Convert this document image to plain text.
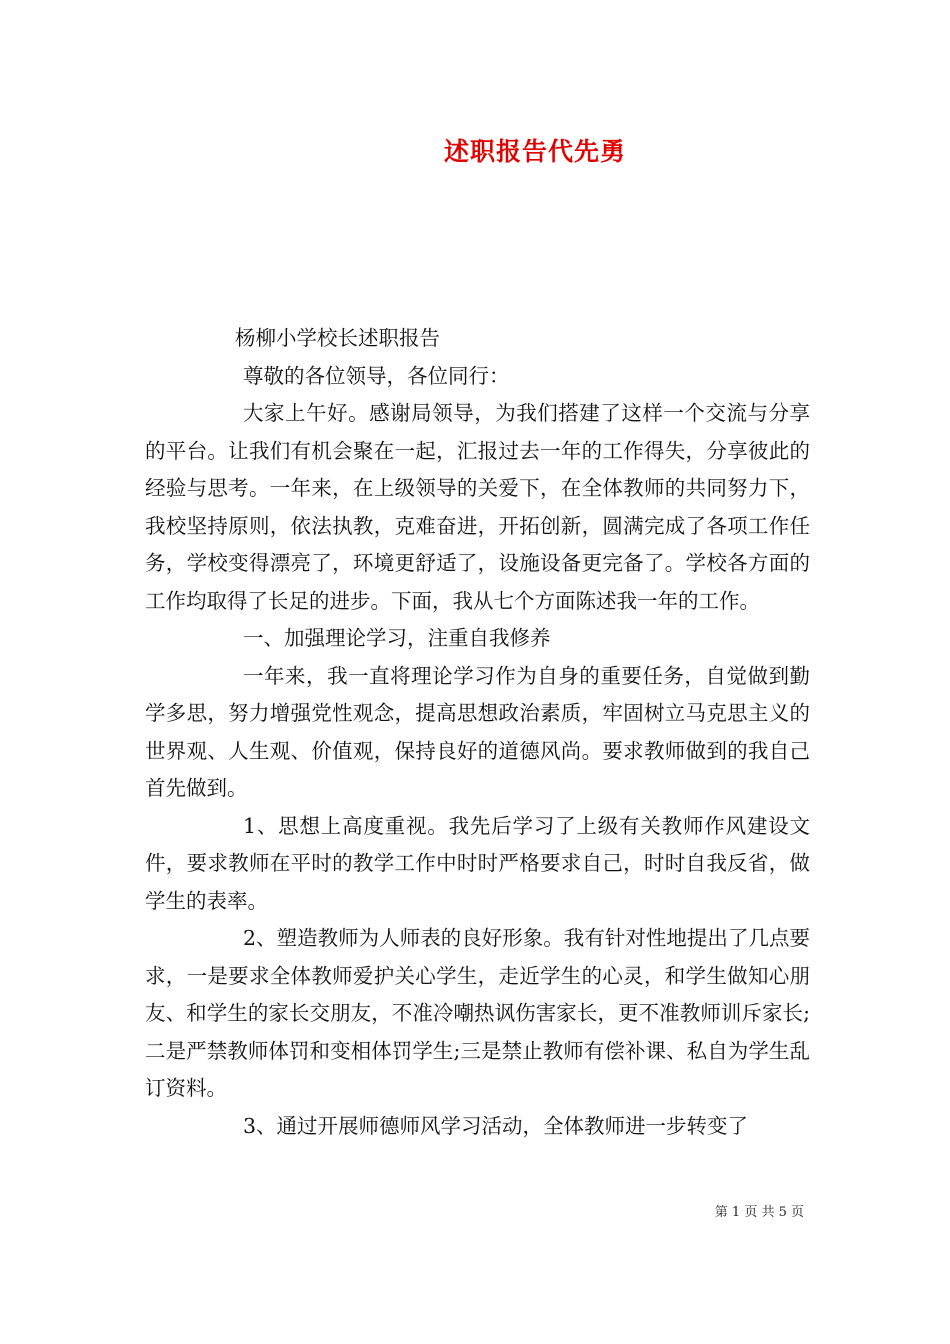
述职报告代先勇

杨柳小学校长述职报告

尊敬的各位领导，各位同行：

大家上午好。感谢局领导，为我们搭建了这样一个交流与分享的平台。让我们有机会聚在一起，汇报过去一年的工作得失，分享彼此的经验与思考。一年来，在上级领导的关爱下，在全体教师的共同努力下，我校坚持原则，依法执教，克难奋进，开拓创新，圆满完成了各项工作任务，学校变得漂亮了，环境更舒适了，设施设备更完备了。学校各方面的工作均取得了长足的进步。下面，我从七个方面陈述我一年的工作。

一、加强理论学习，注重自我修养

一年来，我一直将理论学习作为自身的重要任务，自觉做到勤学多思，努力增强党性观念，提高思想政治素质，牢固树立马克思主义的世界观、人生观、价值观，保持良好的道德风尚。要求教师做到的我自己首先做到。

1、思想上高度重视。我先后学习了上级有关教师作风建设文件，要求教师在平时的教学工作中时时严格要求自己，时时自我反省，做学生的表率。

2、塑造教师为人师表的良好形象。我有针对性地提出了几点要求，一是要求全体教师爱护关心学生，走近学生的心灵，和学生做知心朋友、和学生的家长交朋友，不准冷嘲热讽伤害家长，更不准教师训斥家长;二是严禁教师体罚和变相体罚学生;三是禁止教师有偿补课、私自为学生乱订资料。

3、通过开展师德师风学习活动，全体教师进一步转变了

第 1 页 共 5 页
